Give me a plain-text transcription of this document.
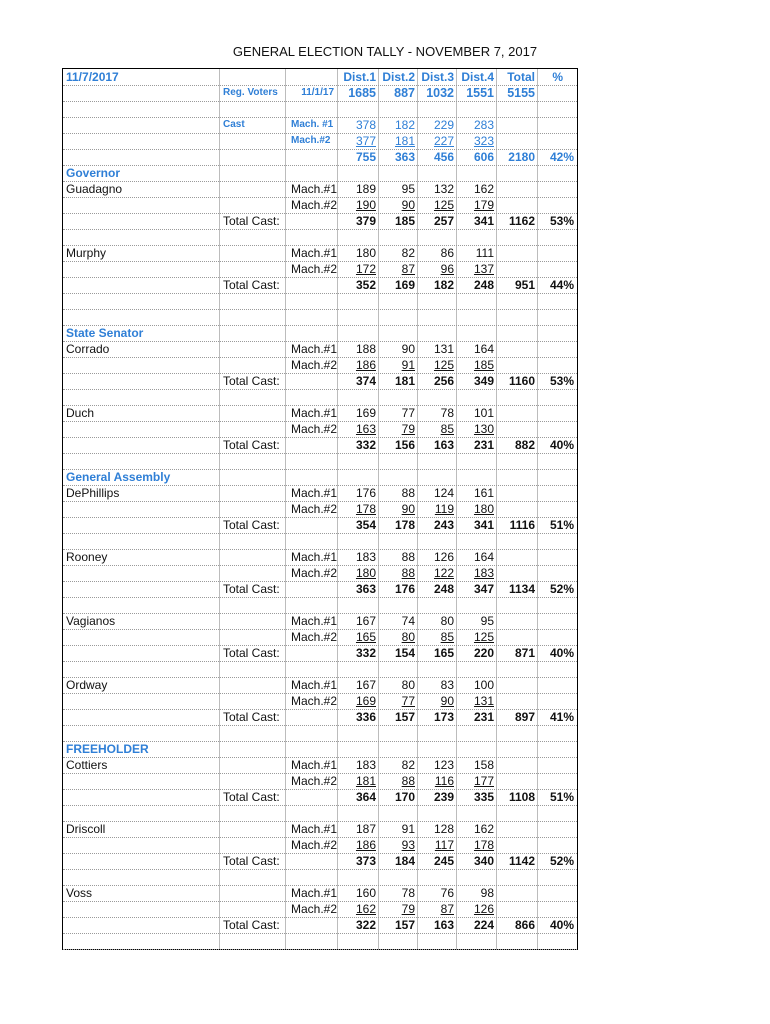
GENERAL ELECTION TALLY - NOVEMBER 7, 2017
11/7/2017	Dist.1 Dist.2 Dist.3 Dist.4 Total %
Reg. Voters 11/1/17 1685 887 1032 1551 5155
Cast	Mach. #1 378 182 229 283
Mach.#2 377 181 227 323
755 363 456 606 2180 42%
Governor
Guadagno	Mach.#1 189 95 132 162
Mach.#2 190 90 125 179
Total Cast:	379 185 257 341 1162 53%
Murphy	Mach.#1 180 82 86 111
Mach.#2 172 87 96 137
Total Cast:	352 169 182 248 951 44%
State Senator
Corrado	Mach.#1 188 90 131 164
Mach.#2 186 91 125 185
Total Cast:	374 181 256 349 1160 53%
Duch	Mach.#1 169 77 78 101
Mach.#2 163 79 85 130
Total Cast:	332 156 163 231 882 40%
General Assembly
DePhillips	Mach.#1 176 88 124 161
Mach.#2 178 90 119 180
Total Cast:	354 178 243 341 1116 51%
Rooney	Mach.#1 183 88 126 164
Mach.#2 180 88 122 183
Total Cast:	363 176 248 347 1134 52%
Vagianos	Mach.#1 167 74 80 95
Mach.#2 165 80 85 125
Total Cast:	332 154 165 220 871 40%
Ordway	Mach.#1 167 80 83 100
Mach.#2 169 77 90 131
Total Cast:	336 157 173 231 897 41%
FREEHOLDER
Cottiers	Mach.#1 183 82 123 158
Mach.#2 181 88 116 177
Total Cast:	364 170 239 335 1108 51%
Driscoll	Mach.#1 187 91 128 162
Mach.#2 186 93 117 178
Total Cast:	373 184 245 340 1142 52%
Voss	Mach.#1 160 78 76 98
Mach.#2 162 79 87 126
Total Cast:	322 157 163 224 866 40%
